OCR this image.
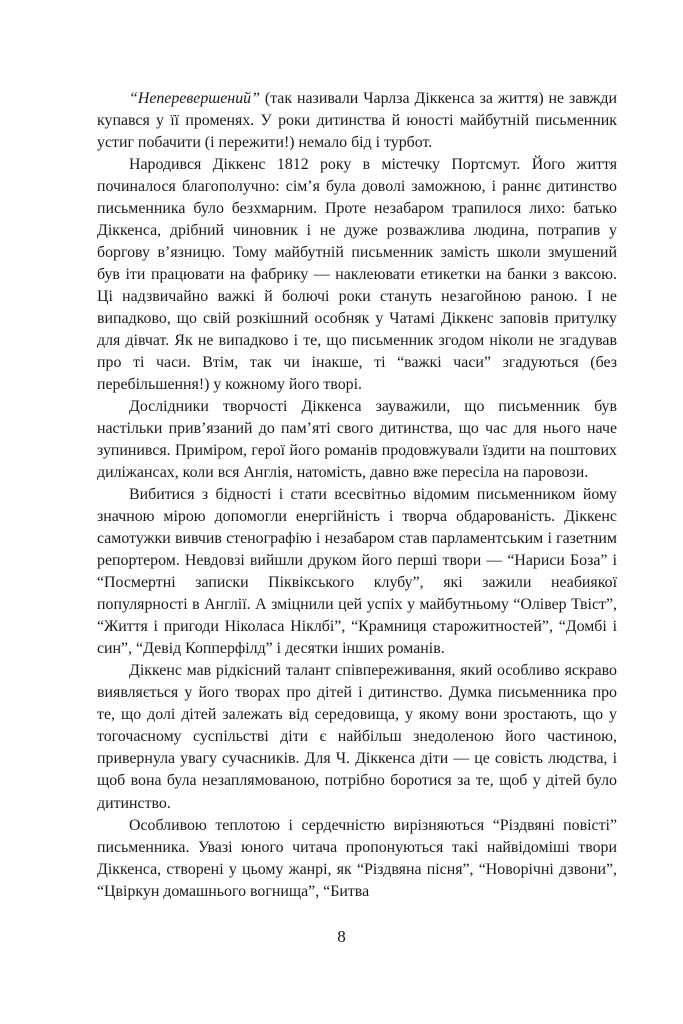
“Неперевершений” (так називали Чарлза Діккенса за життя) не завжди купався у її променях. У роки дитинства й юності майбутній письменник устиг побачити (і пережити!) немало бід і турбот.

Народився Діккенс 1812 року в містечку Портсмут. Його життя починалося благополучно: сім’я була доволі заможною, і раннє дитинство письменника було безхмарним. Проте незабаром трапилося лихо: батько Діккенса, дрібний чиновник і не дуже розважлива людина, потрапив у боргову в’язницю. Тому майбутній письменник замість школи змушений був іти працювати на фабрику — наклеювати етикетки на банки з ваксою. Ці надзвичайно важкі й болючі роки стануть незагойною раною. І не випадково, що свій розкішний особняк у Чатамі Діккенс заповів притулку для дівчат. Як не випадково і те, що письменник згодом ніколи не згадував про ті часи. Втім, так чи інакше, ті “важкі часи” згадуються (без перебільшення!) у кожному його творі.

Дослідники творчості Діккенса зауважили, що письменник був настільки прив’язаний до пам’яті свого дитинства, що час для нього наче зупинився. Приміром, герої його романів продовжували їздити на поштових диліжансах, коли вся Англія, натомість, давно вже пересіла на паровози.

Вибитися з бідності і стати всесвітньо відомим письменником йому значною мірою допомогли енергійність і творча обдарованість. Діккенс самотужки вивчив стенографію і незабаром став парламентським і газетним репортером. Невдовзі вийшли друком його перші твори — “Нариси Боза” і “Посмертні записки Піквікського клубу”, які зажили неабиякої популярності в Англії. А зміцнили цей успіх у майбутньому “Олівер Твіст”, “Життя і пригоди Ніколаса Ніклбі”, “Крамниця старожитностей”, “Домбі і син”, “Девід Копперфілд” і десятки інших романів.

Діккенс мав рідкісний талант співпереживання, який особливо яскраво виявляється у його творах про дітей і дитинство. Думка письменника про те, що долі дітей залежать від середовища, у якому вони зростають, що у тогочасному суспільстві діти є найбільш знедоленою його частиною, привернула увагу сучасників. Для Ч. Діккенса діти — це совість людства, і щоб вона була незаплямованою, потрібно боротися за те, щоб у дітей було дитинство.

Особливою теплотою і сердечністю вирізняються “Різдвяні повісті” письменника. Увазі юного читача пропонуються такі найвідоміші твори Діккенса, створені у цьому жанрі, як “Різдвяна пісня”, “Новорічні дзвони”, “Цвіркун домашнього вогнища”, “Битва

8
